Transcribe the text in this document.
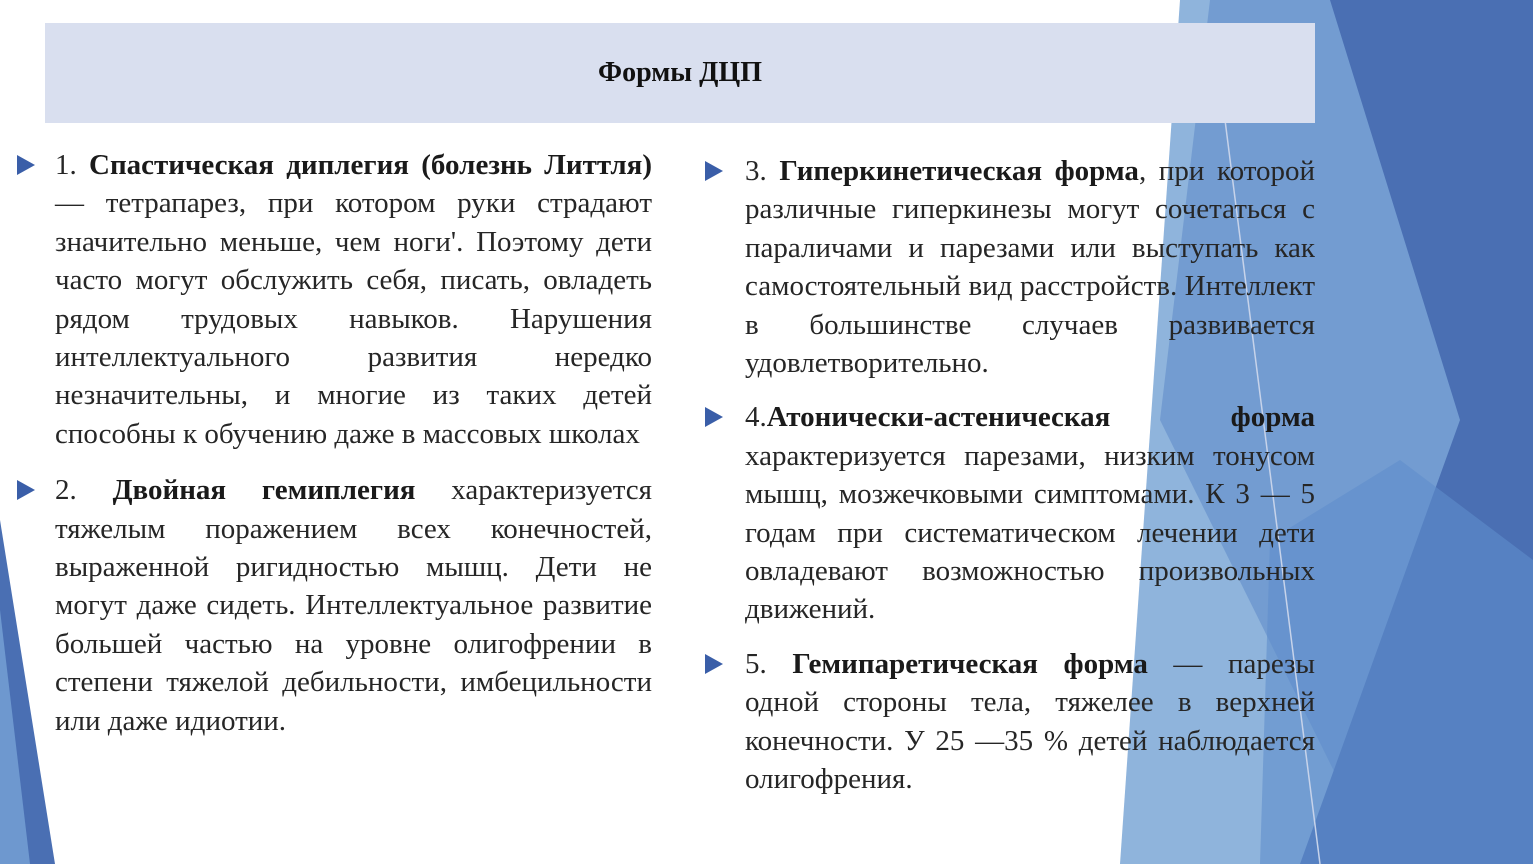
Формы ДЦП
1. Спастическая диплегия (болезнь Литтля) — тетрапарез, при котором руки страдают значительно меньше, чем ноги'. Поэтому дети часто могут обслужить себя, писать, овладеть рядом трудовых навыков. Нарушения интеллектуального развития нередко незначительны, и многие из таких детей способны к обучению даже в массовых школах
2. Двойная гемиплегия характеризуется тяжелым поражением всех конечностей, выраженной ригидностью мышц. Дети не могут даже сидеть. Интеллектуальное развитие большей частью на уровне олигофрении в степени тяжелой дебильности, имбецильности или даже идиотии.
3. Гиперкинетическая форма, при которой различные гиперкинезы могут сочетаться с параличами и парезами или выступать как самостоятельный вид расстройств. Интеллект в большинстве случаев развивается удовлетворительно.
4.Атонически-астеническая форма характеризуется парезами, низким тонусом мышц, мозжечковыми симптомами. К 3 — 5 годам при систематическом лечении дети овладевают возможностью произвольных движений.
5. Гемипаретическая форма — парезы одной стороны тела, тяжелее в верхней конечности. У 25 —35 % детей наблюдается олигофрения.
